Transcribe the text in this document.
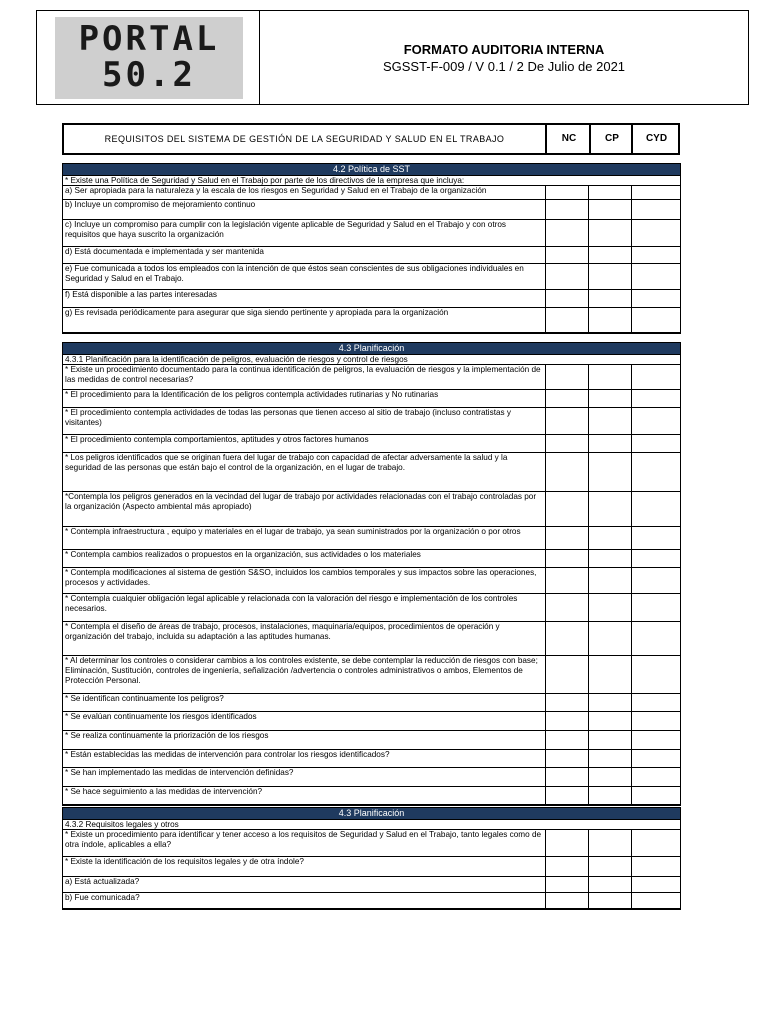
PORTAL
50.2
FORMATO AUDITORIA INTERNA
SGSST-F-009 / V 0.1 / 2 De Julio de 2021
REQUISITOS DEL SISTEMA DE GESTIÓN DE LA SEGURIDAD Y SALUD EN EL TRABAJO	NC	CP	CYD
4.2 Política de SST			
* Existe una Política de Seguridad y Salud en el Trabajo por parte de los directivos de la empresa que incluya:			
a) Ser apropiada para la naturaleza y la escala de los riesgos en Seguridad y Salud en el Trabajo de la organización			
b) Incluye un compromiso de mejoramiento continuo			
c) Incluye un compromiso para cumplir con la legislación vigente aplicable de Seguridad y Salud en el Trabajo y con otros requisitos que haya suscrito la organización			
d) Está documentada e implementada y ser mantenida			
e) Fue comunicada a todos los empleados con la intención de que éstos sean conscientes de sus obligaciones individuales en Seguridad y Salud en el Trabajo.			
f) Está disponible a las partes interesadas			
g) Es revisada periódicamente para asegurar que siga siendo pertinente y apropiada para la organización			
4.3 Planificación			
4.3.1 Planificación para la identificación de peligros, evaluación de riesgos y control de riesgos			
* Existe un procedimiento documentado para la continua identificación de peligros, la evaluación de riesgos y la implementación de las medidas de control necesarias?			
* El procedimiento para la Identificación de los peligros contempla actividades rutinarias y No rutinarias			
* El procedimiento contempla actividades de todas las personas que tienen acceso al sitio de trabajo (incluso contratistas y visitantes)			
* El procedimiento contempla comportamientos, aptitudes y otros factores humanos			
* Los peligros identificados que se originan fuera del lugar de trabajo con capacidad de afectar adversamente la salud y la seguridad de las personas que están bajo el control de la organización, en el lugar de trabajo.			
*Contempla los peligros generados en la vecindad del lugar de trabajo por actividades relacionadas con el trabajo controladas por la organización (Aspecto ambiental más apropiado)			
* Contempla infraestructura , equipo y materiales en el lugar de trabajo, ya sean suministrados por la organización o por otros			
* Contempla cambios realizados o propuestos en la organización, sus actividades o los materiales			
* Contempla modificaciones al sistema de gestión S&SO, incluidos los cambios temporales y sus impactos sobre las operaciones, procesos y actividades.			
* Contempla cualquier obligación legal aplicable y relacionada con la valoración del riesgo e implementación de los controles necesarios.			
* Contempla el diseño de áreas de trabajo, procesos, instalaciones, maquinaria/equipos, procedimientos de operación y organización del trabajo, incluida su adaptación a las aptitudes humanas.			
* Al determinar los controles o considerar cambios a los controles existente, se debe contemplar la reducción de riesgos con base; Eliminación, Sustitución, controles de ingeniería, señalización /advertencia o controles administrativos o ambos, Elementos de Protección Personal.			
* Se identifican continuamente los peligros?			
* Se evalúan continuamente los riesgos identificados			
* Se realiza continuamente la priorización de los riesgos			
* Están establecidas las medidas de intervención para controlar los riesgos identificados?			
* Se han implementado las medidas de intervención definidas?			
* Se hace seguimiento a las medidas de intervención?			
4.3 Planificación			
4.3.2 Requisitos legales y otros			
* Existe un procedimiento para identificar y tener acceso a los requisitos de Seguridad y Salud en el Trabajo, tanto legales como de otra índole, aplicables a ella?			
* Existe la identificación de los requisitos legales y de otra índole?			
a) Está actualizada?			
b) Fue comunicada?			
